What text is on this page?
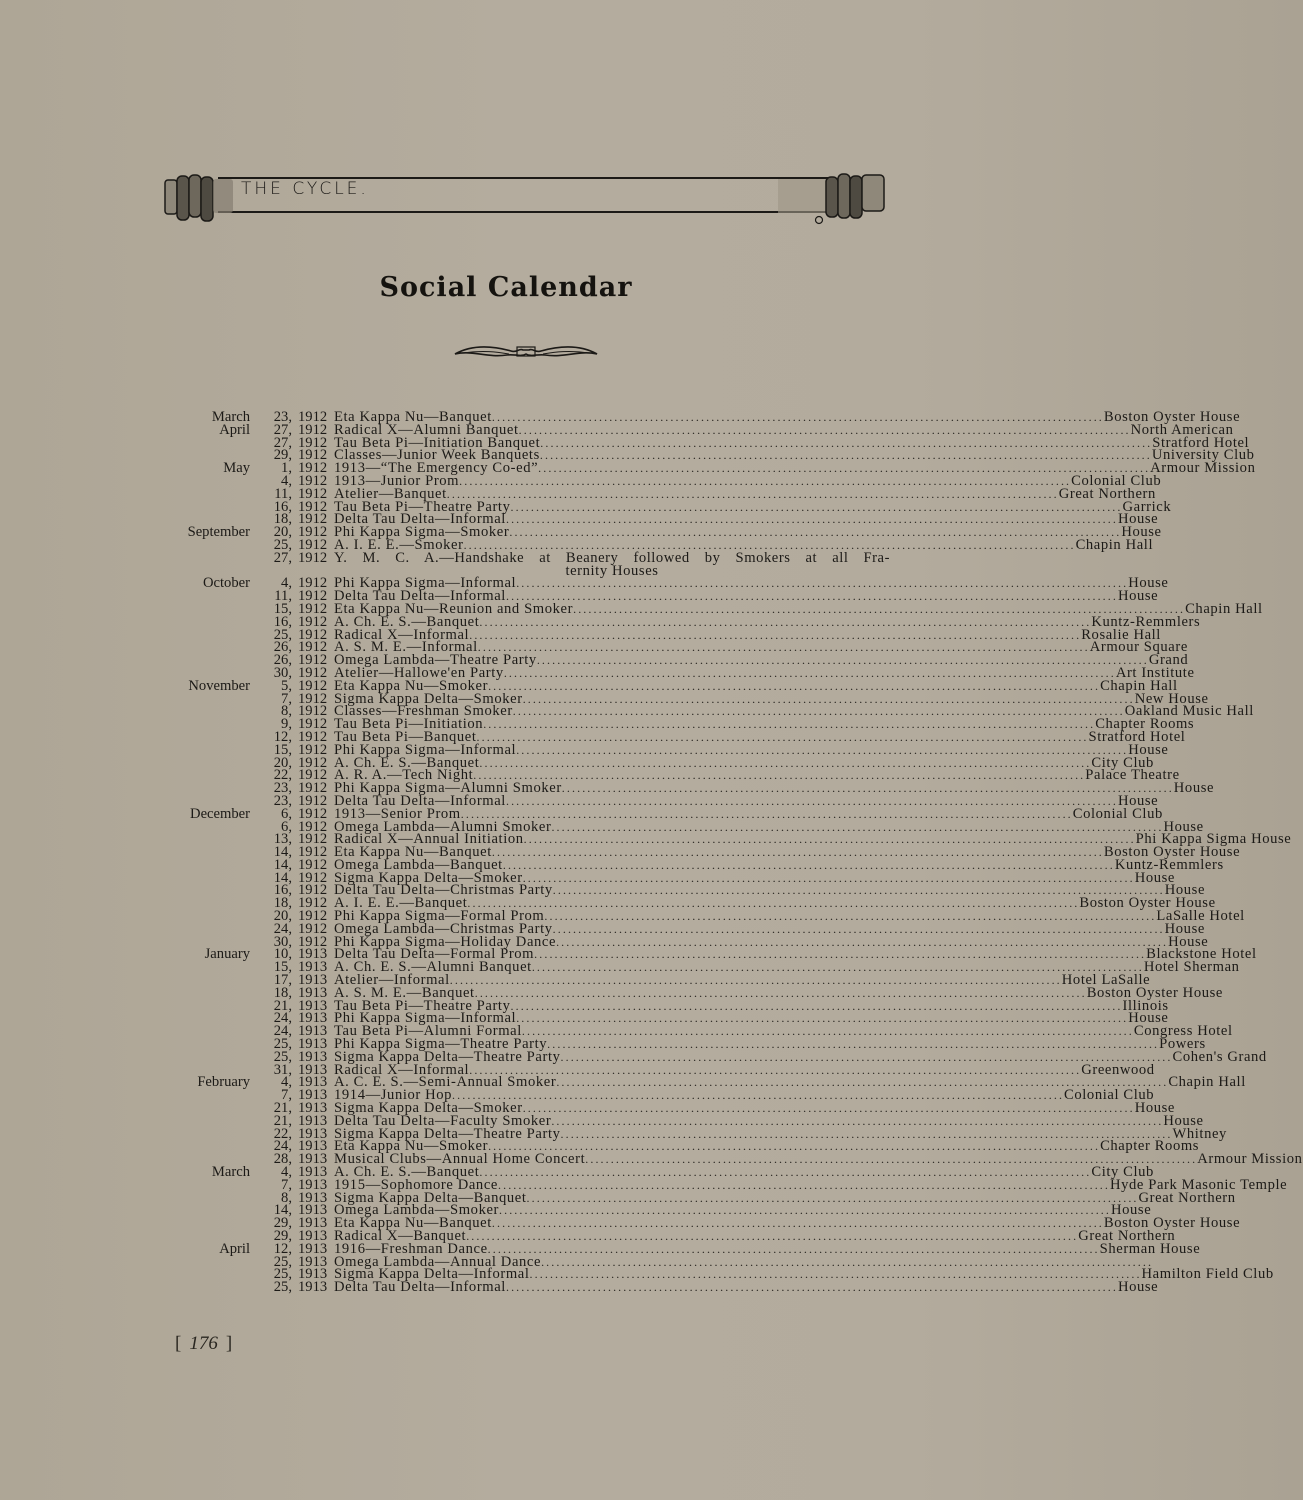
THE CYCLE.
Social Calendar
March	23, 1912 Eta Kappa Nu—Banquet ........................................................................................................................ Boston Oyster House
April	27, 1912 Radical X—Alumni Banquet ........................................................................................................................ North American
27, 1912 Tau Beta Pi—Initiation Banquet ........................................................................................................................ Stratford Hotel
29, 1912 Classes—Junior Week Banquets ........................................................................................................................ University Club
May	1, 1912 1913—“The Emergency Co-ed” ........................................................................................................................ Armour Mission
4, 1912 1913—Junior Prom ........................................................................................................................ Colonial Club
11, 1912 Atelier—Banquet ........................................................................................................................ Great Northern
16, 1912 Tau Beta Pi—Theatre Party ........................................................................................................................ Garrick
18, 1912 Delta Tau Delta—Informal ........................................................................................................................ House
September	20, 1912 Phi Kappa Sigma—Smoker ........................................................................................................................ House
25, 1912 A. I. E. E.—Smoker ........................................................................................................................ Chapin Hall
27, 1912 Y. M. C. A.—Handshake at Beanery followed by Smokers at all Fra-
ternity Houses
October	4, 1912 Phi Kappa Sigma—Informal ........................................................................................................................ House
11, 1912 Delta Tau Delta—Informal ........................................................................................................................ House
15, 1912 Eta Kappa Nu—Reunion and Smoker ........................................................................................................................ Chapin Hall
16, 1912 A. Ch. E. S.—Banquet ........................................................................................................................ Kuntz-Remmlers
25, 1912 Radical X—Informal ........................................................................................................................ Rosalie Hall
26, 1912 A. S. M. E.—Informal ........................................................................................................................ Armour Square
26, 1912 Omega Lambda—Theatre Party ........................................................................................................................ Grand
30, 1912 Atelier—Hallowe'en Party ........................................................................................................................ Art Institute
November	5, 1912 Eta Kappa Nu—Smoker ........................................................................................................................ Chapin Hall
7, 1912 Sigma Kappa Delta—Smoker ........................................................................................................................ New House
8, 1912 Classes—Freshman Smoker ........................................................................................................................ Oakland Music Hall
9, 1912 Tau Beta Pi—Initiation ........................................................................................................................ Chapter Rooms
12, 1912 Tau Beta Pi—Banquet ........................................................................................................................ Stratford Hotel
15, 1912 Phi Kappa Sigma—Informal ........................................................................................................................ House
20, 1912 A. Ch. E. S.—Banquet ........................................................................................................................ City Club
22, 1912 A. R. A.—Tech Night ........................................................................................................................ Palace Theatre
23, 1912 Phi Kappa Sigma—Alumni Smoker ........................................................................................................................ House
23, 1912 Delta Tau Delta—Informal ........................................................................................................................ House
December	6, 1912 1913—Senior Prom ........................................................................................................................ Colonial Club
6, 1912 Omega Lambda—Alumni Smoker ........................................................................................................................ House
13, 1912 Radical X—Annual Initiation ........................................................................................................................ Phi Kappa Sigma House
14, 1912 Eta Kappa Nu—Banquet ........................................................................................................................ Boston Oyster House
14, 1912 Omega Lambda—Banquet ........................................................................................................................ Kuntz-Remmlers
14, 1912 Sigma Kappa Delta—Smoker ........................................................................................................................ House
16, 1912 Delta Tau Delta—Christmas Party ........................................................................................................................ House
18, 1912 A. I. E. E.—Banquet ........................................................................................................................ Boston Oyster House
20, 1912 Phi Kappa Sigma—Formal Prom ........................................................................................................................ LaSalle Hotel
24, 1912 Omega Lambda—Christmas Party ........................................................................................................................ House
30, 1912 Phi Kappa Sigma—Holiday Dance ........................................................................................................................ House
January	10, 1913 Delta Tau Delta—Formal Prom ........................................................................................................................ Blackstone Hotel
15, 1913 A. Ch. E. S.—Alumni Banquet ........................................................................................................................ Hotel Sherman
17, 1913 Atelier—Informal ........................................................................................................................ Hotel LaSalle
18, 1913 A. S. M. E.—Banquet ........................................................................................................................ Boston Oyster House
21, 1913 Tau Beta Pi—Theatre Party ........................................................................................................................ Illinois
24, 1913 Phi Kappa Sigma—Informal ........................................................................................................................ House
24, 1913 Tau Beta Pi—Alumni Formal ........................................................................................................................ Congress Hotel
25, 1913 Phi Kappa Sigma—Theatre Party ........................................................................................................................ Powers
25, 1913 Sigma Kappa Delta—Theatre Party ........................................................................................................................ Cohen's Grand
31, 1913 Radical X—Informal ........................................................................................................................ Greenwood
February	4, 1913 A. C. E. S.—Semi-Annual Smoker ........................................................................................................................ Chapin Hall
7, 1913 1914—Junior Hop ........................................................................................................................ Colonial Club
21, 1913 Sigma Kappa Delta—Smoker ........................................................................................................................ House
21, 1913 Delta Tau Delta—Faculty Smoker ........................................................................................................................ House
22, 1913 Sigma Kappa Delta—Theatre Party ........................................................................................................................ Whitney
24, 1913 Eta Kappa Nu—Smoker ........................................................................................................................ Chapter Rooms
28, 1913 Musical Clubs—Annual Home Concert ........................................................................................................................ Armour Mission
March	4, 1913 A. Ch. E. S.—Banquet ........................................................................................................................ City Club
7, 1913 1915—Sophomore Dance ........................................................................................................................ Hyde Park Masonic Temple
8, 1913 Sigma Kappa Delta—Banquet ........................................................................................................................ Great Northern
14, 1913 Omega Lambda—Smoker ........................................................................................................................ House
29, 1913 Eta Kappa Nu—Banquet ........................................................................................................................ Boston Oyster House
29, 1913 Radical X—Banquet ........................................................................................................................ Great Northern
April	12, 1913 1916—Freshman Dance ........................................................................................................................ Sherman House
25, 1913 Omega Lambda—Annual Dance ........................................................................................................................
25, 1913 Sigma Kappa Delta—Informal ........................................................................................................................ Hamilton Field Club
25, 1913 Delta Tau Delta—Informal ........................................................................................................................ House
[ 176 ]
